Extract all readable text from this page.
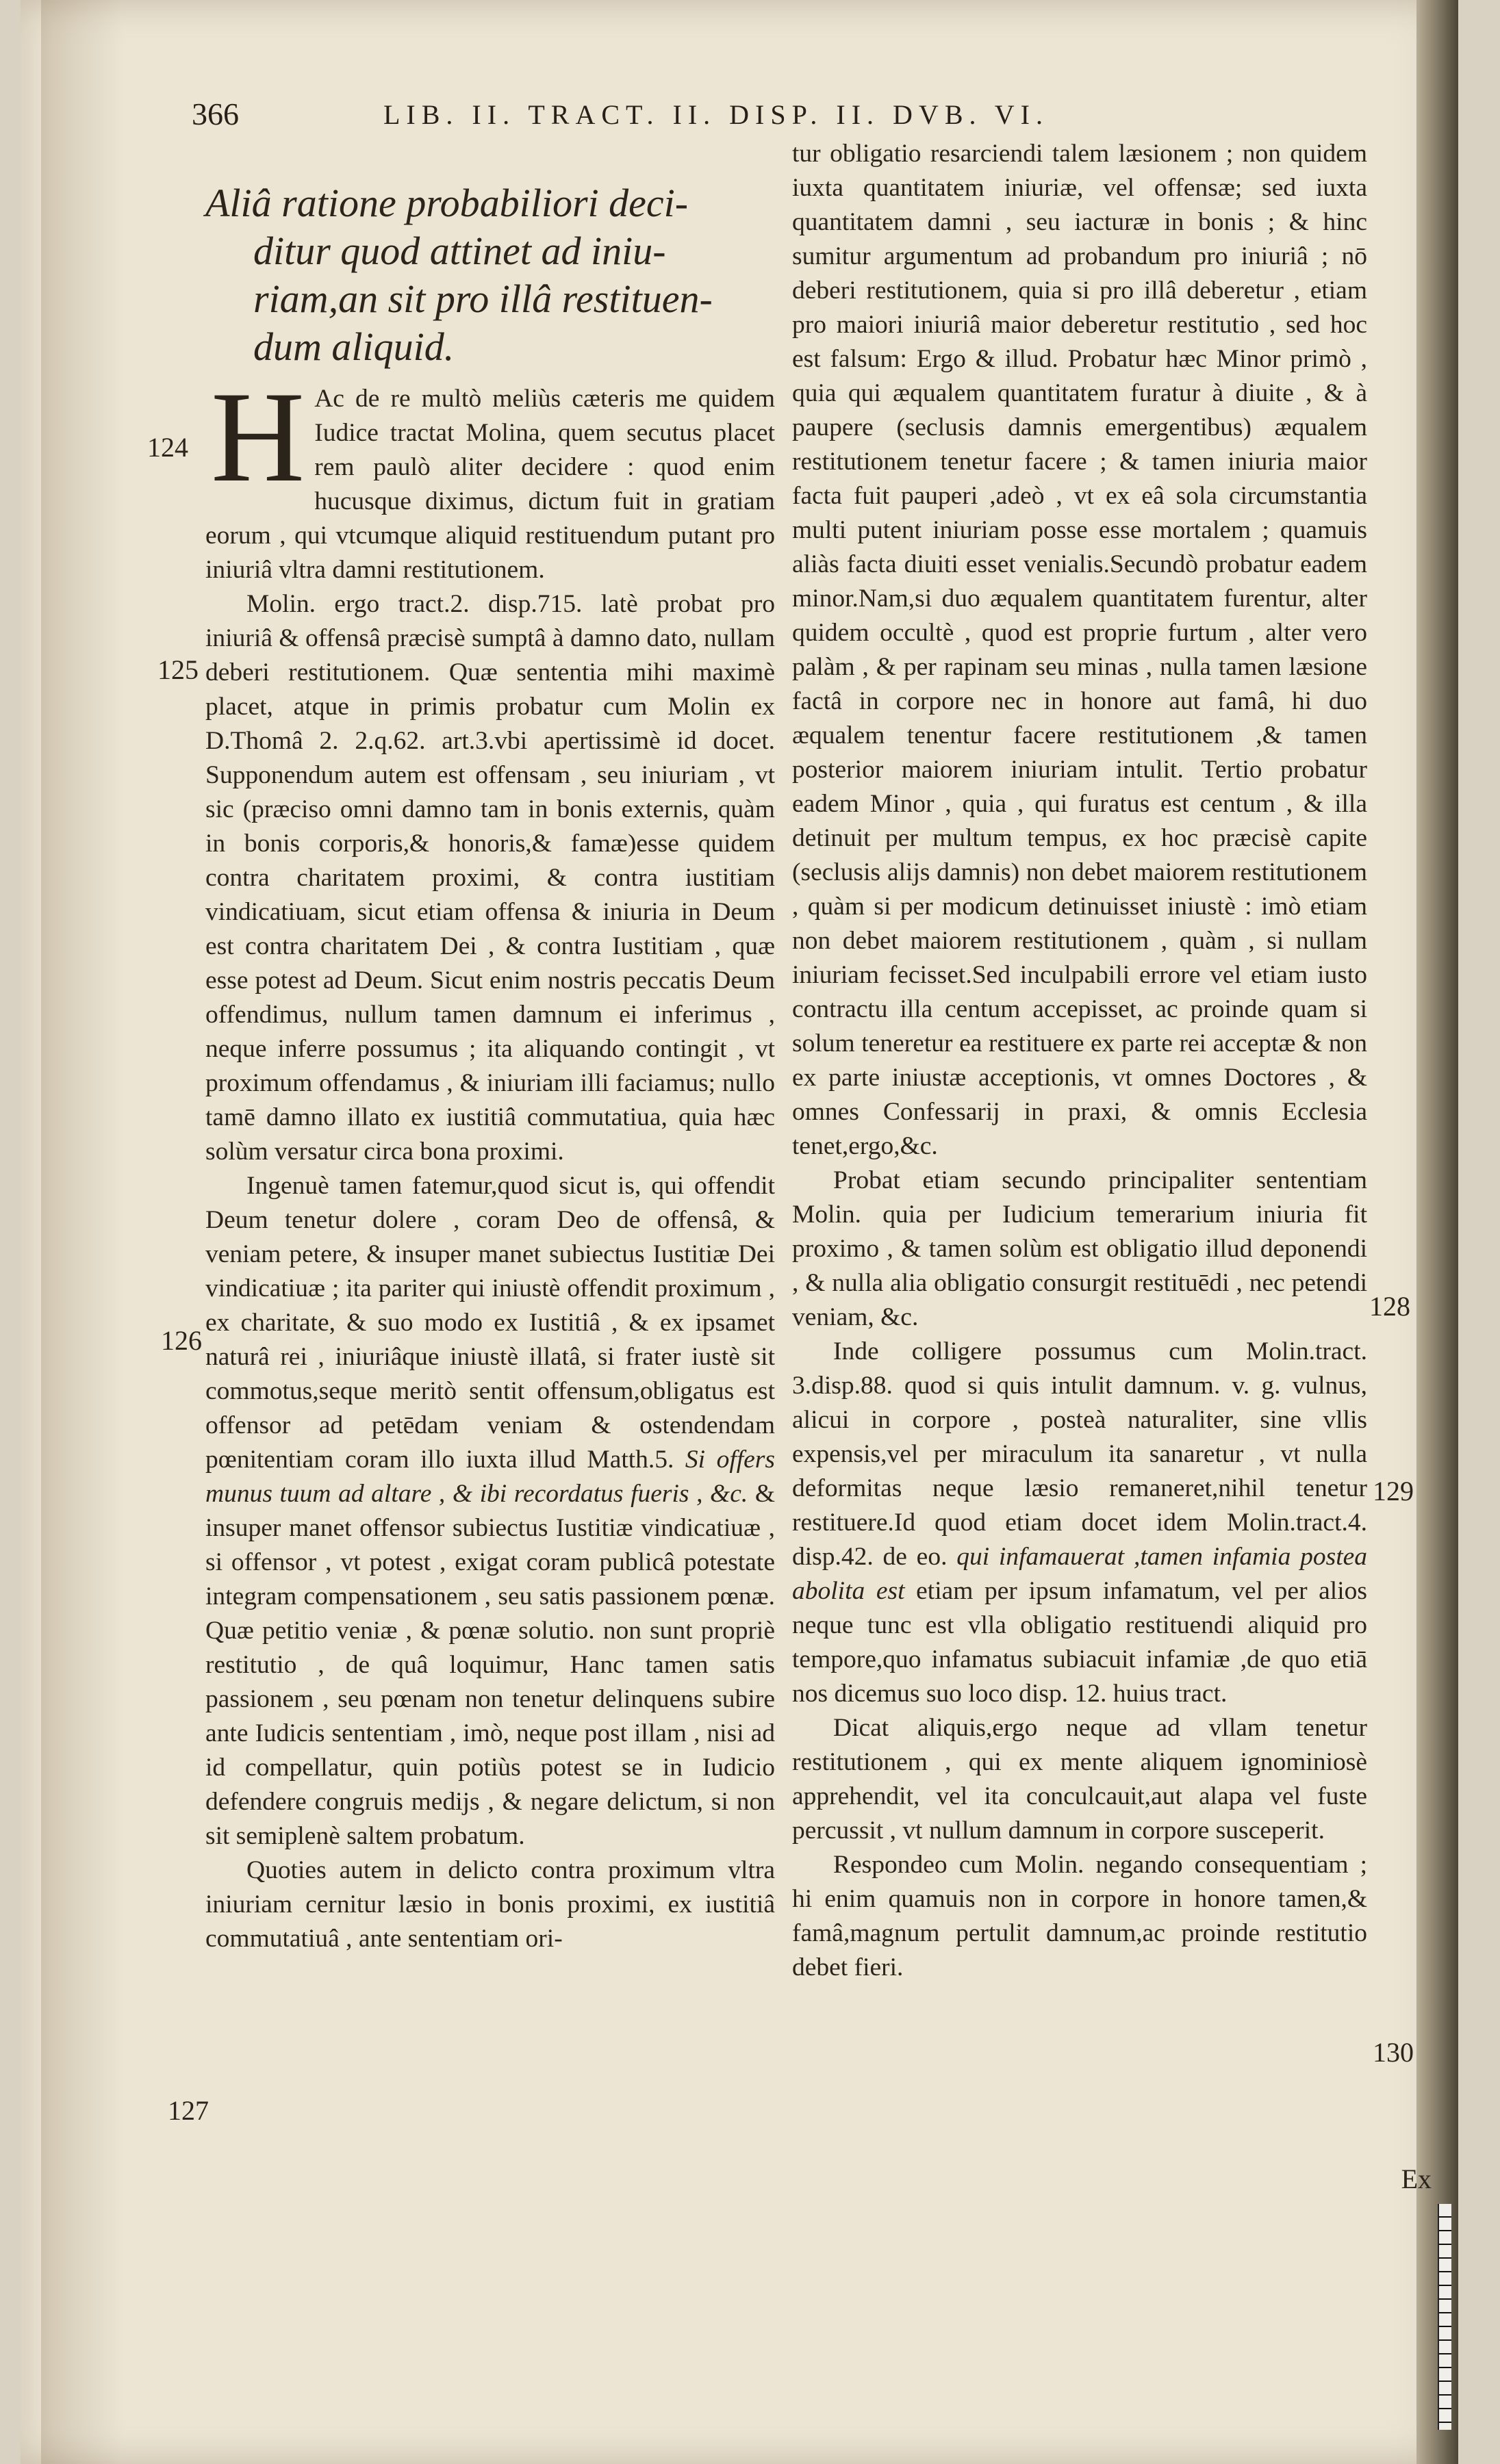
366	LIB. II. TRACT. II. DISP. II. DVB. VI.
Aliâ ratione probabiliori deci- ditur quod attinet ad iniu- riam,an sit pro illâ restituen- dum aliquid.

H Ac de re multò meliùs cæteris me quidem Iudice tractat Molina, quem secutus placet rem paulò aliter decidere : quod enim hucusque diximus, dictum fuit in gratiam eorum , qui vtcumque aliquid restituendum putant pro iniuriâ vltra damni restitutionem.

Molin. ergo tract.2. disp.715. latè probat pro iniuriâ & offensâ præcisè sumptâ à damno dato, nullam deberi restitutionem. Quæ sententia mihi maximè placet, atque in primis probatur cum Molin ex D.Thomâ 2. 2.q.62. art.3.vbi apertissimè id docet. Supponendum autem est offensam , seu iniuriam , vt sic (præciso omni damno tam in bonis externis, quàm in bonis corporis,& honoris,& famæ)esse quidem contra charitatem proximi, & contra iustitiam vindicatiuam, sicut etiam offensa & iniuria in Deum est contra charitatem Dei , & contra Iustitiam , quæ esse potest ad Deum. Sicut enim nostris peccatis Deum offendimus, nullum tamen damnum ei inferimus , neque inferre possumus ; ita aliquando contingit , vt proximum offendamus , & iniuriam illi faciamus; nullo tamē damno illato ex iustitiâ commutatiua, quia hæc solùm versatur circa bona proximi.

Ingenuè tamen fatemur,quod sicut is, qui offendit Deum tenetur dolere , coram Deo de offensâ, & veniam petere, & insuper manet subiectus Iustitiæ Dei vindicatiuæ ; ita pariter qui iniustè offendit proximum , ex charitate, & suo modo ex Iustitiâ , & ex ipsamet naturâ rei , iniuriâque iniustè illatâ, si frater iustè sit commotus,seque meritò sentit offensum,obligatus est offensor ad petēdam veniam & ostendendam pœnitentiam coram illo iuxta illud Matth.5. Si offers munus tuum ad altare , & ibi recordatus fueris , &c. & insuper manet offensor subiectus Iustitiæ vindicatiuæ , si offensor , vt potest , exigat coram publicâ potestate integram compensationem , seu satis passionem pœnæ. Quæ petitio veniæ , & pœnæ solutio. non sunt propriè restitutio , de quâ loquimur, Hanc tamen satis passionem , seu pœnam non tenetur delinquens subire ante Iudicis sententiam , imò, neque post illam , nisi ad id compellatur, quin potiùs potest se in Iudicio defendere congruis medijs , & negare delictum, si non sit semiplenè saltem probatum.

Quoties autem in delicto contra proximum vltra iniuriam cernitur læsio in bonis proximi, ex iustitiâ commutatiuâ , ante sententiam ori-

tur obligatio resarciendi talem læsionem ; non quidem iuxta quantitatem iniuriæ, vel offensæ; sed iuxta quantitatem damni , seu iacturæ in bonis ; & hinc sumitur argumentum ad probandum pro iniuriâ ; nō deberi restitutionem, quia si pro illâ deberetur , etiam pro maiori iniuriâ maior deberetur restitutio , sed hoc est falsum: Ergo & illud. Probatur hæc Minor primò , quia qui æqualem quantitatem furatur à diuite , & à paupere (seclusis damnis emergentibus) æqualem restitutionem tenetur facere ; & tamen iniuria maior facta fuit pauperi ,adeò , vt ex eâ sola circumstantia multi putent iniuriam posse esse mortalem ; quamuis aliàs facta diuiti esset venialis.Secundò probatur eadem minor.Nam,si duo æqualem quantitatem furentur, alter quidem occultè , quod est proprie furtum , alter vero palàm , & per rapinam seu minas , nulla tamen læsione factâ in corpore nec in honore aut famâ, hi duo æqualem tenentur facere restitutionem ,& tamen posterior maiorem iniuriam intulit. Tertio probatur eadem Minor , quia , qui furatus est centum , & illa detinuit per multum tempus, ex hoc præcisè capite (seclusis alijs damnis) non debet maiorem restitutionem , quàm si per modicum detinuisset iniustè : imò etiam non debet maiorem restitutionem , quàm , si nullam iniuriam fecisset.Sed inculpabili errore vel etiam iusto contractu illa centum accepisset, ac proinde quam si solum teneretur ea restituere ex parte rei acceptæ & non ex parte iniustæ acceptionis, vt omnes Doctores , & omnes Confessarij in praxi, & omnis Ecclesia tenet,ergo,&c.

Probat etiam secundo principaliter sententiam Molin. quia per Iudicium temerarium iniuria fit proximo , & tamen solùm est obligatio illud deponendi , & nulla alia obligatio consurgit restituēdi , nec petendi veniam, &c.

Inde colligere possumus cum Molin.tract. 3.disp.88. quod si quis intulit damnum. v. g. vulnus, alicui in corpore , posteà naturaliter, sine vllis expensis,vel per miraculum ita sanaretur , vt nulla deformitas neque læsio remaneret,nihil tenetur restituere.Id quod etiam docet idem Molin.tract.4. disp.42. de eo. qui infamauerat ,tamen infamia postea abolita est etiam per ipsum infamatum, vel per alios neque tunc est vlla obligatio restituendi aliquid pro tempore,quo infamatus subiacuit infamiæ ,de quo etiā nos dicemus suo loco disp. 12. huius tract.

Dicat aliquis,ergo neque ad vllam tenetur restitutionem , qui ex mente aliquem ignominiosè apprehendit, vel ita conculcauit,aut alapa vel fuste percussit , vt nullum damnum in corpore susceperit.

Respondeo cum Molin. negando consequentiam ; hi enim quamuis non in corpore in honore tamen,& famâ,magnum pertulit damnum,ac proinde restitutio debet fieri.

124
125
126
127
128
129
130
Ex
